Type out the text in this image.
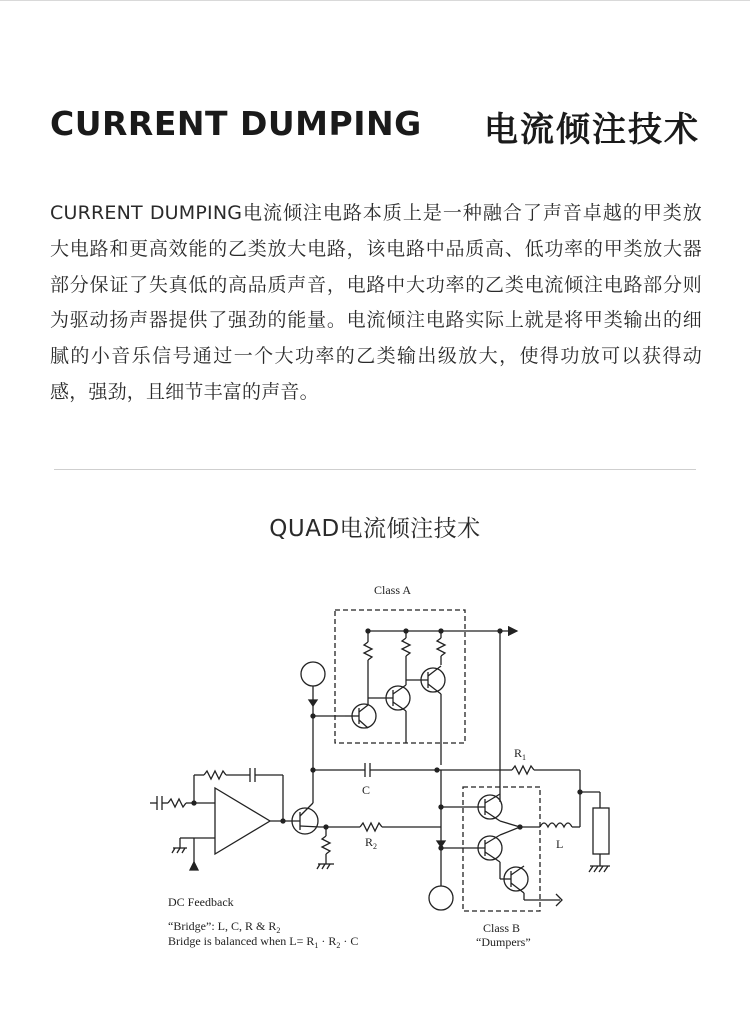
CURRENT DUMPING 电流倾注技术

CURRENT DUMPING电流倾注电路本质上是一种融合了声音卓越的甲类放大电路和更高效能的乙类放大电路，该电路中品质高、低功率的甲类放大器部分保证了失真低的高品质声音，电路中大功率的乙类电流倾注电路部分则为驱动扬声器提供了强劲的能量。电流倾注电路实际上就是将甲类输出的细腻的小音乐信号通过一个大功率的乙类输出级放大，使得功放可以获得动感，强劲，且细节丰富的声音。

QUAD电流倾注技术
Class A
C
$R_1$
$R_2$	L
DC Feedback
“Bridge”: L, C, R & $R_2$
Bridge is balanced when $L= R_1 \cdot R_2 \cdot C$
Class B
“Dumpers”
